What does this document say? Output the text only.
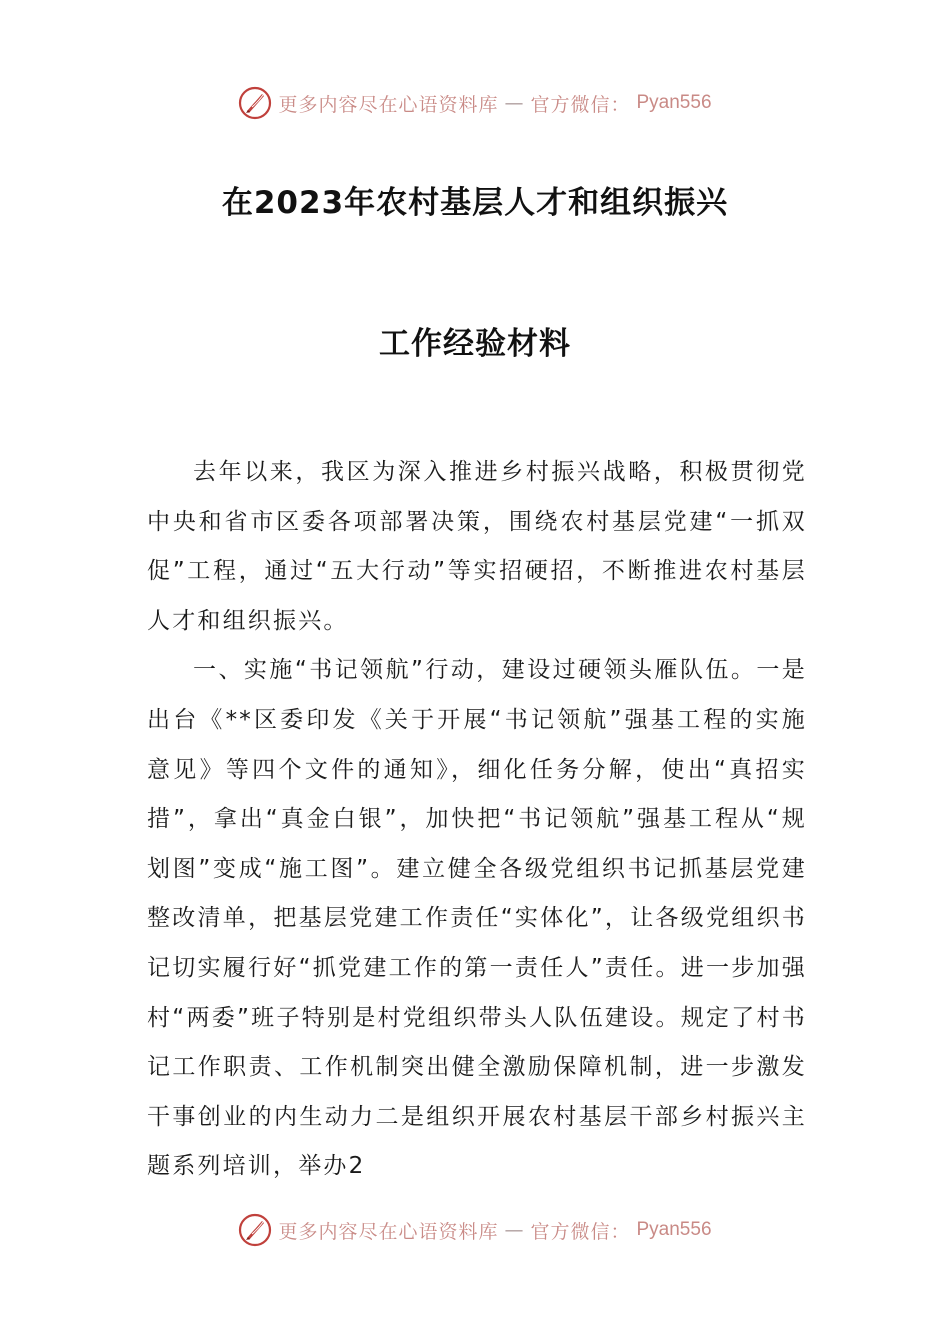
更多内容尽在心语资料库 — 官方微信： Pyan556
在2023年农村基层人才和组织振兴
工作经验材料

去年以来，我区为深入推进乡村振兴战略，积极贯彻党中央和省市区委各项部署决策，围绕农村基层党建“一抓双促”工程，通过“五大行动”等实招硬招，不断推进农村基层人才和组织振兴。

一、实施“书记领航”行动，建设过硬领头雁队伍。一是出台《**区委印发《关于开展“书记领航”强基工程的实施意见》等四个文件的通知》，细化任务分解，使出“真招实措”，拿出“真金白银”，加快把“书记领航”强基工程从“规划图”变成“施工图”。建立健全各级党组织书记抓基层党建整改清单，把基层党建工作责任“实体化”，让各级党组织书记切实履行好“抓党建工作的第一责任人”责任。进一步加强村“两委”班子特别是村党组织带头人队伍建设。规定了村书记工作职责、工作机制突出健全激励保障机制，进一步激发干事创业的内生动力二是组织开展农村基层干部乡村振兴主题系列培训，举办2

更多内容尽在心语资料库 — 官方微信： Pyan556
